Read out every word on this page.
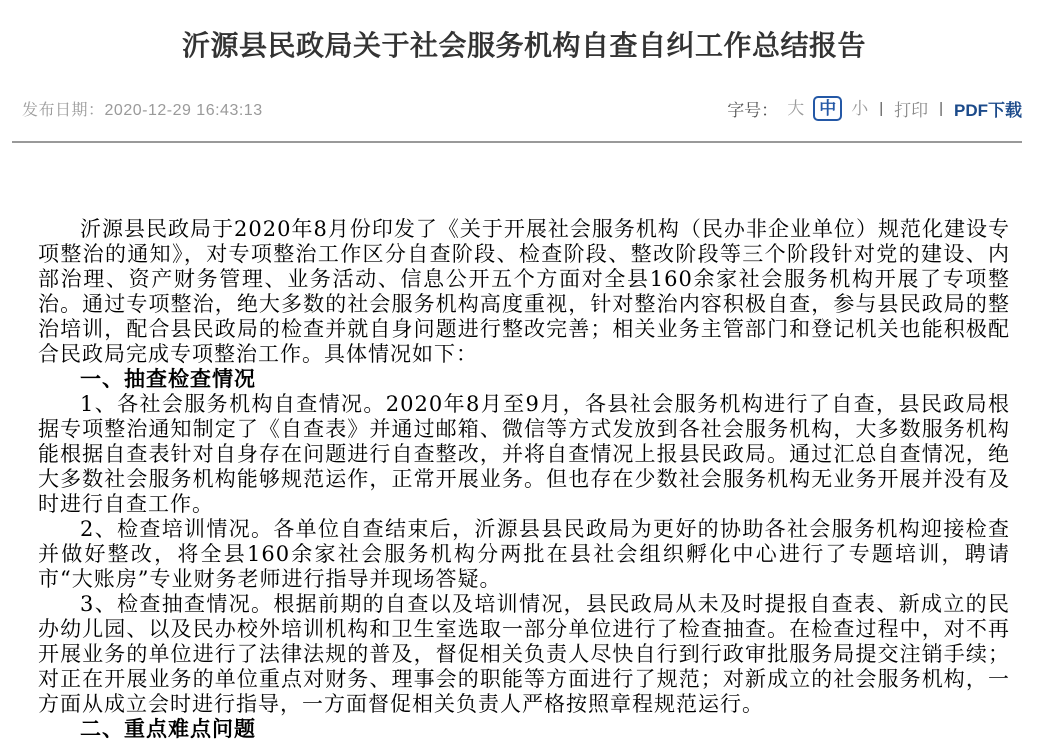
沂源县民政局关于社会服务机构自查自纠工作总结报告
发布日期：2020-12-29 16:43:13	字号： 大 中 小 | 打印 | PDF下载

沂源县民政局于2020年8月份印发了《关于开展社会服务机构（民办非企业单位）规范化建设专项整治的通知》，对专项整治工作区分自查阶段、检查阶段、整改阶段等三个阶段针对党的建设、内部治理、资产财务管理、业务活动、信息公开五个方面对全县160余家社会服务机构开展了专项整治。通过专项整治，绝大多数的社会服务机构高度重视，针对整治内容积极自查，参与县民政局的整治培训，配合县民政局的检查并就自身问题进行整改完善；相关业务主管部门和登记机关也能积极配合民政局完成专项整治工作。具体情况如下：

一、抽查检查情况

1、各社会服务机构自查情况。2020年8月至9月，各县社会服务机构进行了自查，县民政局根据专项整治通知制定了《自查表》并通过邮箱、微信等方式发放到各社会服务机构，大多数服务机构能根据自查表针对自身存在问题进行自查整改，并将自查情况上报县民政局。通过汇总自查情况，绝大多数社会服务机构能够规范运作，正常开展业务。但也存在少数社会服务机构无业务开展并没有及时进行自查工作。

2、检查培训情况。各单位自查结束后，沂源县县民政局为更好的协助各社会服务机构迎接检查并做好整改，将全县160余家社会服务机构分两批在县社会组织孵化中心进行了专题培训，聘请市“大账房”专业财务老师进行指导并现场答疑。

3、检查抽查情况。根据前期的自查以及培训情况，县民政局从未及时提报自查表、新成立的民办幼儿园、以及民办校外培训机构和卫生室选取一部分单位进行了检查抽查。在检查过程中，对不再开展业务的单位进行了法律法规的普及，督促相关负责人尽快自行到行政审批服务局提交注销手续；对正在开展业务的单位重点对财务、理事会的职能等方面进行了规范；对新成立的社会服务机构，一方面从成立会时进行指导，一方面督促相关负责人严格按照章程规范运行。

二、重点难点问题
